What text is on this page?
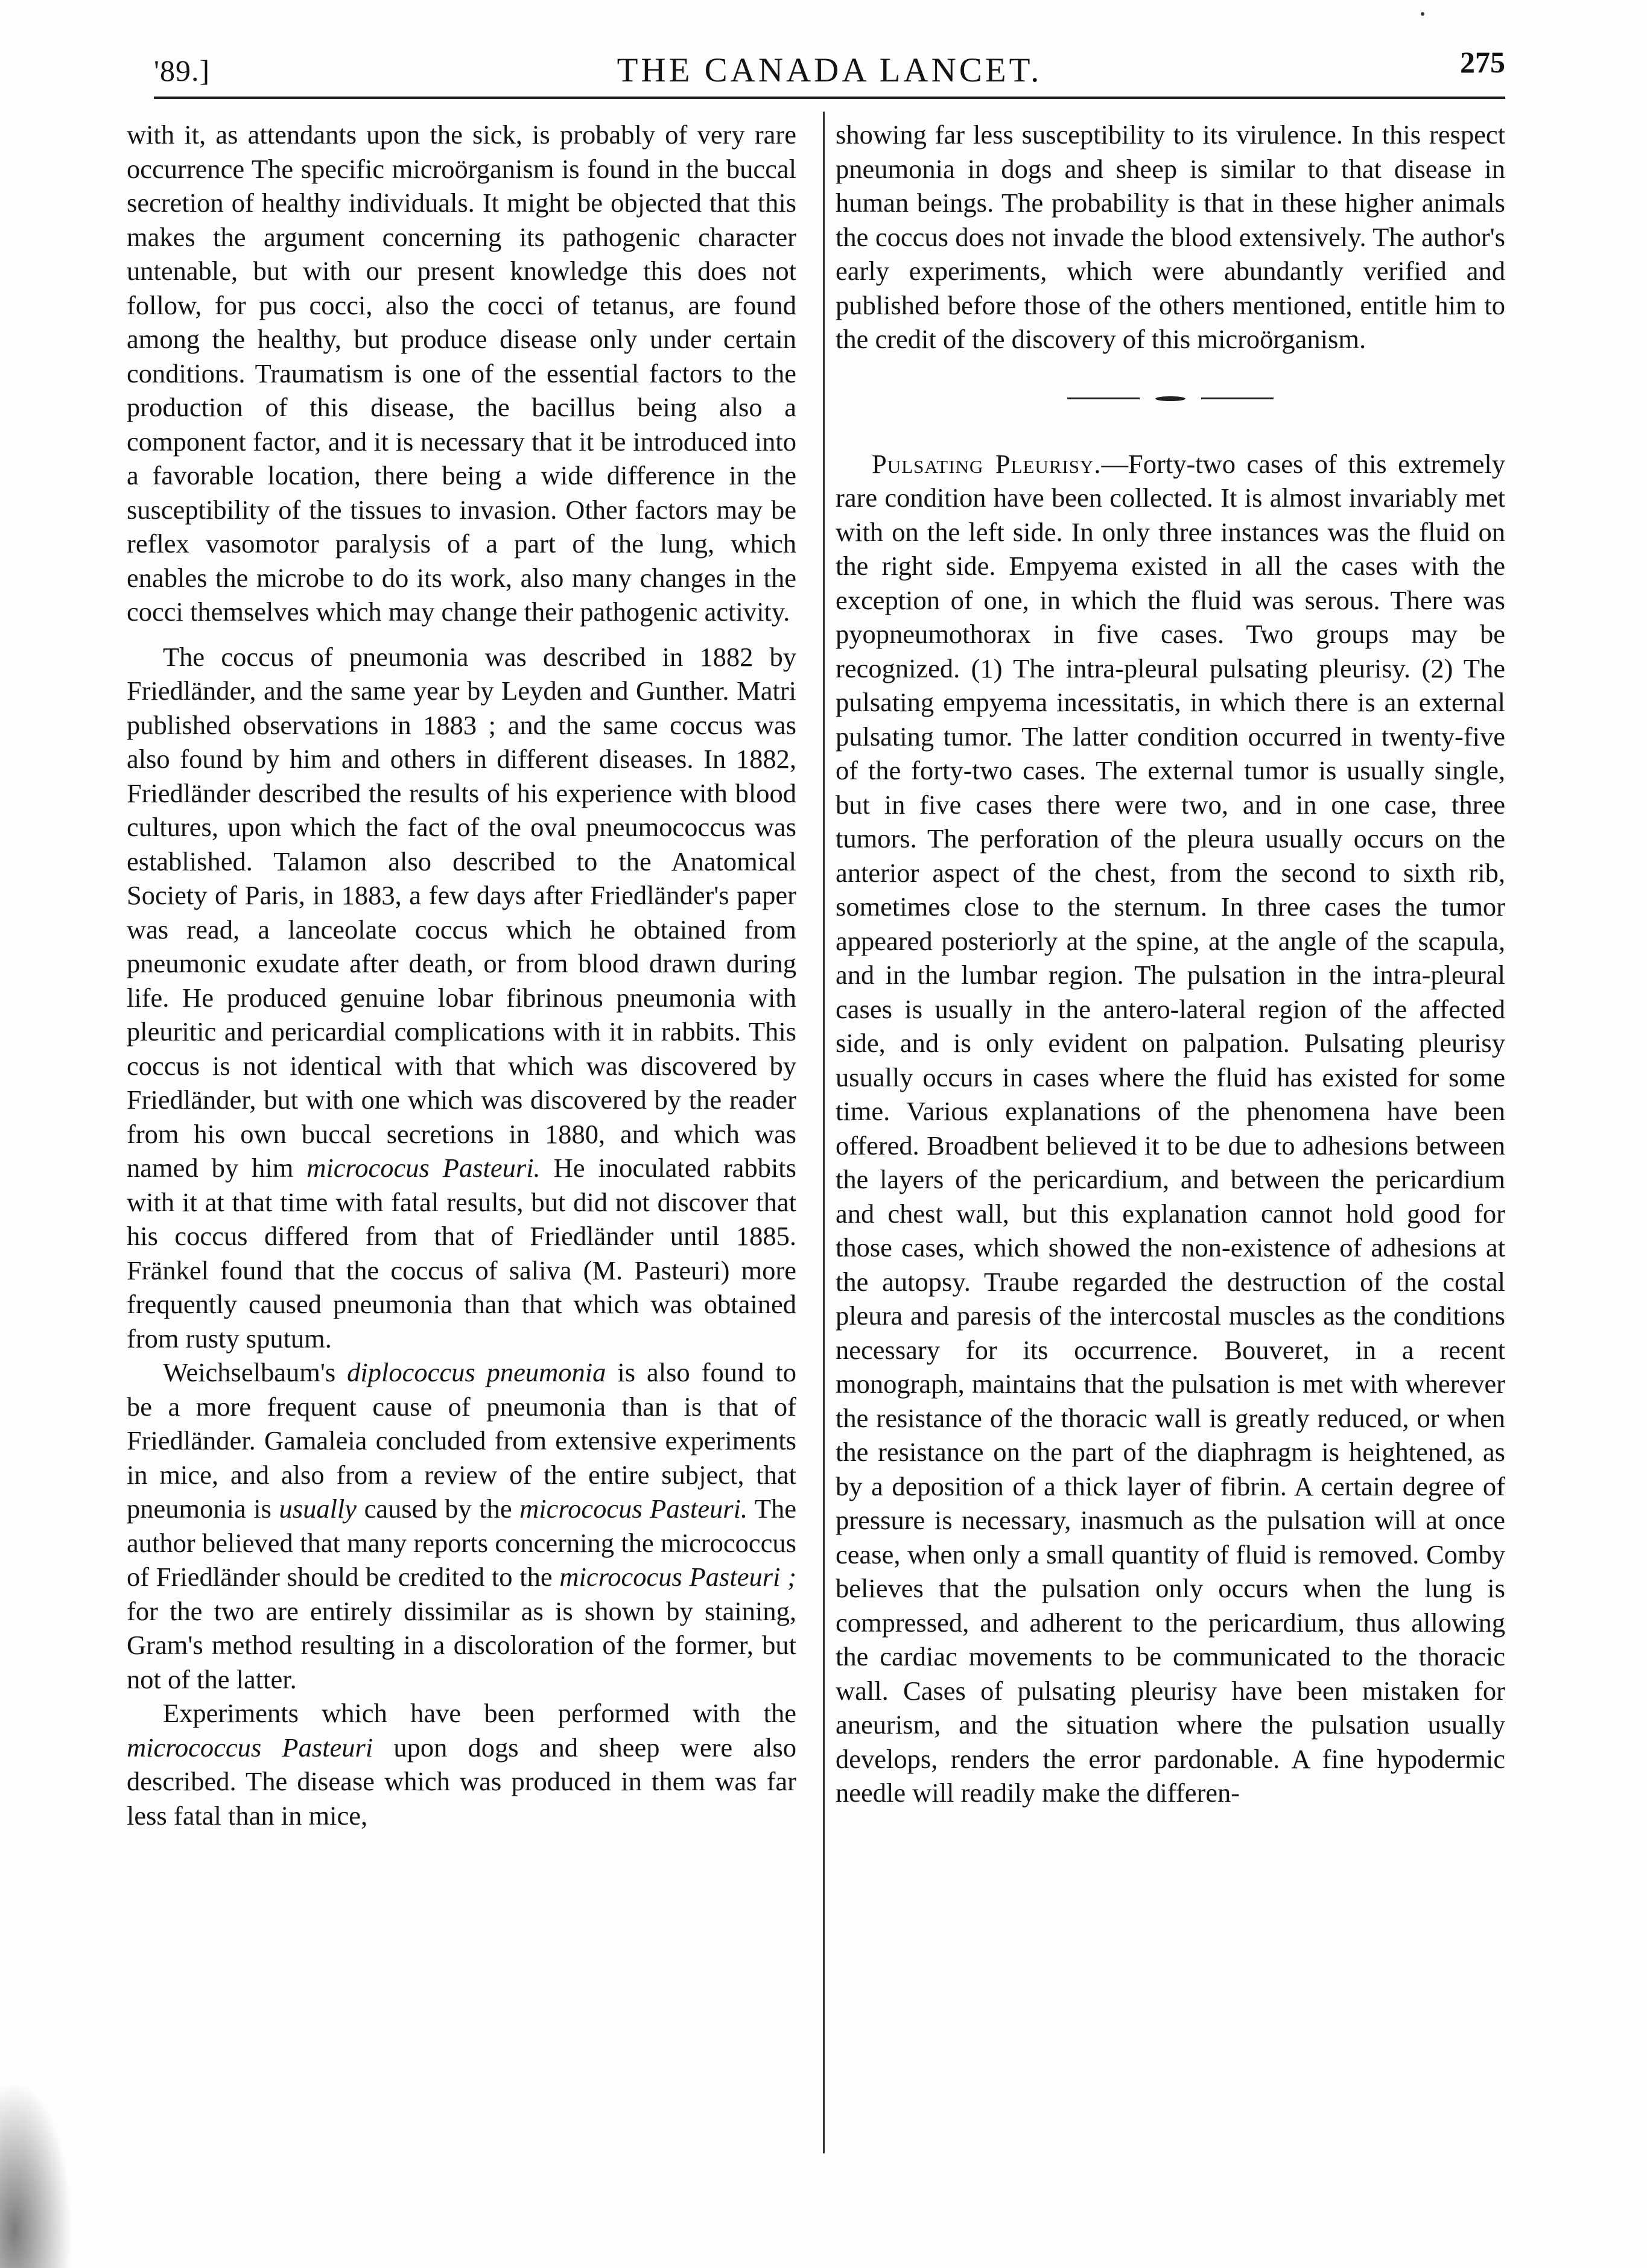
'89.]	THE CANADA LANCET.	275

with it, as attendants upon the sick, is probably of very rare occurrence The specific microörganism is found in the buccal secretion of healthy individuals. It might be objected that this makes the argument concerning its pathogenic character untenable, but with our present knowledge this does not follow, for pus cocci, also the cocci of tetanus, are found among the healthy, but produce disease only under certain conditions. Traumatism is one of the essential factors to the production of this disease, the bacillus being also a component factor, and it is necessary that it be introduced into a favorable location, there being a wide difference in the susceptibility of the tissues to invasion. Other factors may be reflex vasomotor paralysis of a part of the lung, which enables the microbe to do its work, also many changes in the cocci themselves which may change their pathogenic activity.

The coccus of pneumonia was described in 1882 by Friedländer, and the same year by Leyden and Gunther. Matri published observations in 1883 ; and the same coccus was also found by him and others in different diseases. In 1882, Friedländer described the results of his experience with blood cultures, upon which the fact of the oval pneumococcus was established. Talamon also described to the Anatomical Society of Paris, in 1883, a few days after Friedländer's paper was read, a lanceolate coccus which he obtained from pneumonic exudate after death, or from blood drawn during life. He produced genuine lobar fibrinous pneumonia with pleuritic and pericardial complications with it in rabbits. This coccus is not identical with that which was discovered by Friedländer, but with one which was discovered by the reader from his own buccal secretions in 1880, and which was named by him micrococus Pasteuri. He inoculated rabbits with it at that time with fatal results, but did not discover that his coccus differed from that of Friedländer until 1885. Fränkel found that the coccus of saliva (M. Pasteuri) more frequently caused pneumonia than that which was obtained from rusty sputum.

Weichselbaum's diplococcus pneumonia is also found to be a more frequent cause of pneumonia than is that of Friedländer. Gamaleia concluded from extensive experiments in mice, and also from a review of the entire subject, that pneumonia is usually caused by the micrococus Pasteuri. The author believed that many reports concerning the micrococcus of Friedländer should be credited to the micrococus Pasteuri ; for the two are entirely dissimilar as is shown by staining, Gram's method resulting in a discoloration of the former, but not of the latter.

Experiments which have been performed with the micrococcus Pasteuri upon dogs and sheep were also described. The disease which was produced in them was far less fatal than in mice,

showing far less susceptibility to its virulence. In this respect pneumonia in dogs and sheep is similar to that disease in human beings. The probability is that in these higher animals the coccus does not invade the blood extensively. The author's early experiments, which were abundantly verified and published before those of the others mentioned, entitle him to the credit of the discovery of this microörganism.

Pulsating Pleurisy.—Forty-two cases of this extremely rare condition have been collected. It is almost invariably met with on the left side. In only three instances was the fluid on the right side. Empyema existed in all the cases with the exception of one, in which the fluid was serous. There was pyopneumothorax in five cases. Two groups may be recognized. (1) The intra-pleural pulsating pleurisy. (2) The pulsating empyema incessitatis, in which there is an external pulsating tumor. The latter condition occurred in twenty-five of the forty-two cases. The external tumor is usually single, but in five cases there were two, and in one case, three tumors. The perforation of the pleura usually occurs on the anterior aspect of the chest, from the second to sixth rib, sometimes close to the sternum. In three cases the tumor appeared posteriorly at the spine, at the angle of the scapula, and in the lumbar region. The pulsation in the intra-pleural cases is usually in the antero-lateral region of the affected side, and is only evident on palpation. Pulsating pleurisy usually occurs in cases where the fluid has existed for some time. Various explanations of the phenomena have been offered. Broadbent believed it to be due to adhesions between the layers of the pericardium, and between the pericardium and chest wall, but this explanation cannot hold good for those cases, which showed the non-existence of adhesions at the autopsy. Traube regarded the destruction of the costal pleura and paresis of the intercostal muscles as the conditions necessary for its occurrence. Bouveret, in a recent monograph, maintains that the pulsation is met with wherever the resistance of the thoracic wall is greatly reduced, or when the resistance on the part of the diaphragm is heightened, as by a deposition of a thick layer of fibrin. A certain degree of pressure is necessary, inasmuch as the pulsation will at once cease, when only a small quantity of fluid is removed. Comby believes that the pulsation only occurs when the lung is compressed, and adherent to the pericardium, thus allowing the cardiac movements to be communicated to the thoracic wall. Cases of pulsating pleurisy have been mistaken for aneurism, and the situation where the pulsation usually develops, renders the error pardonable. A fine hypodermic needle will readily make the differen-
